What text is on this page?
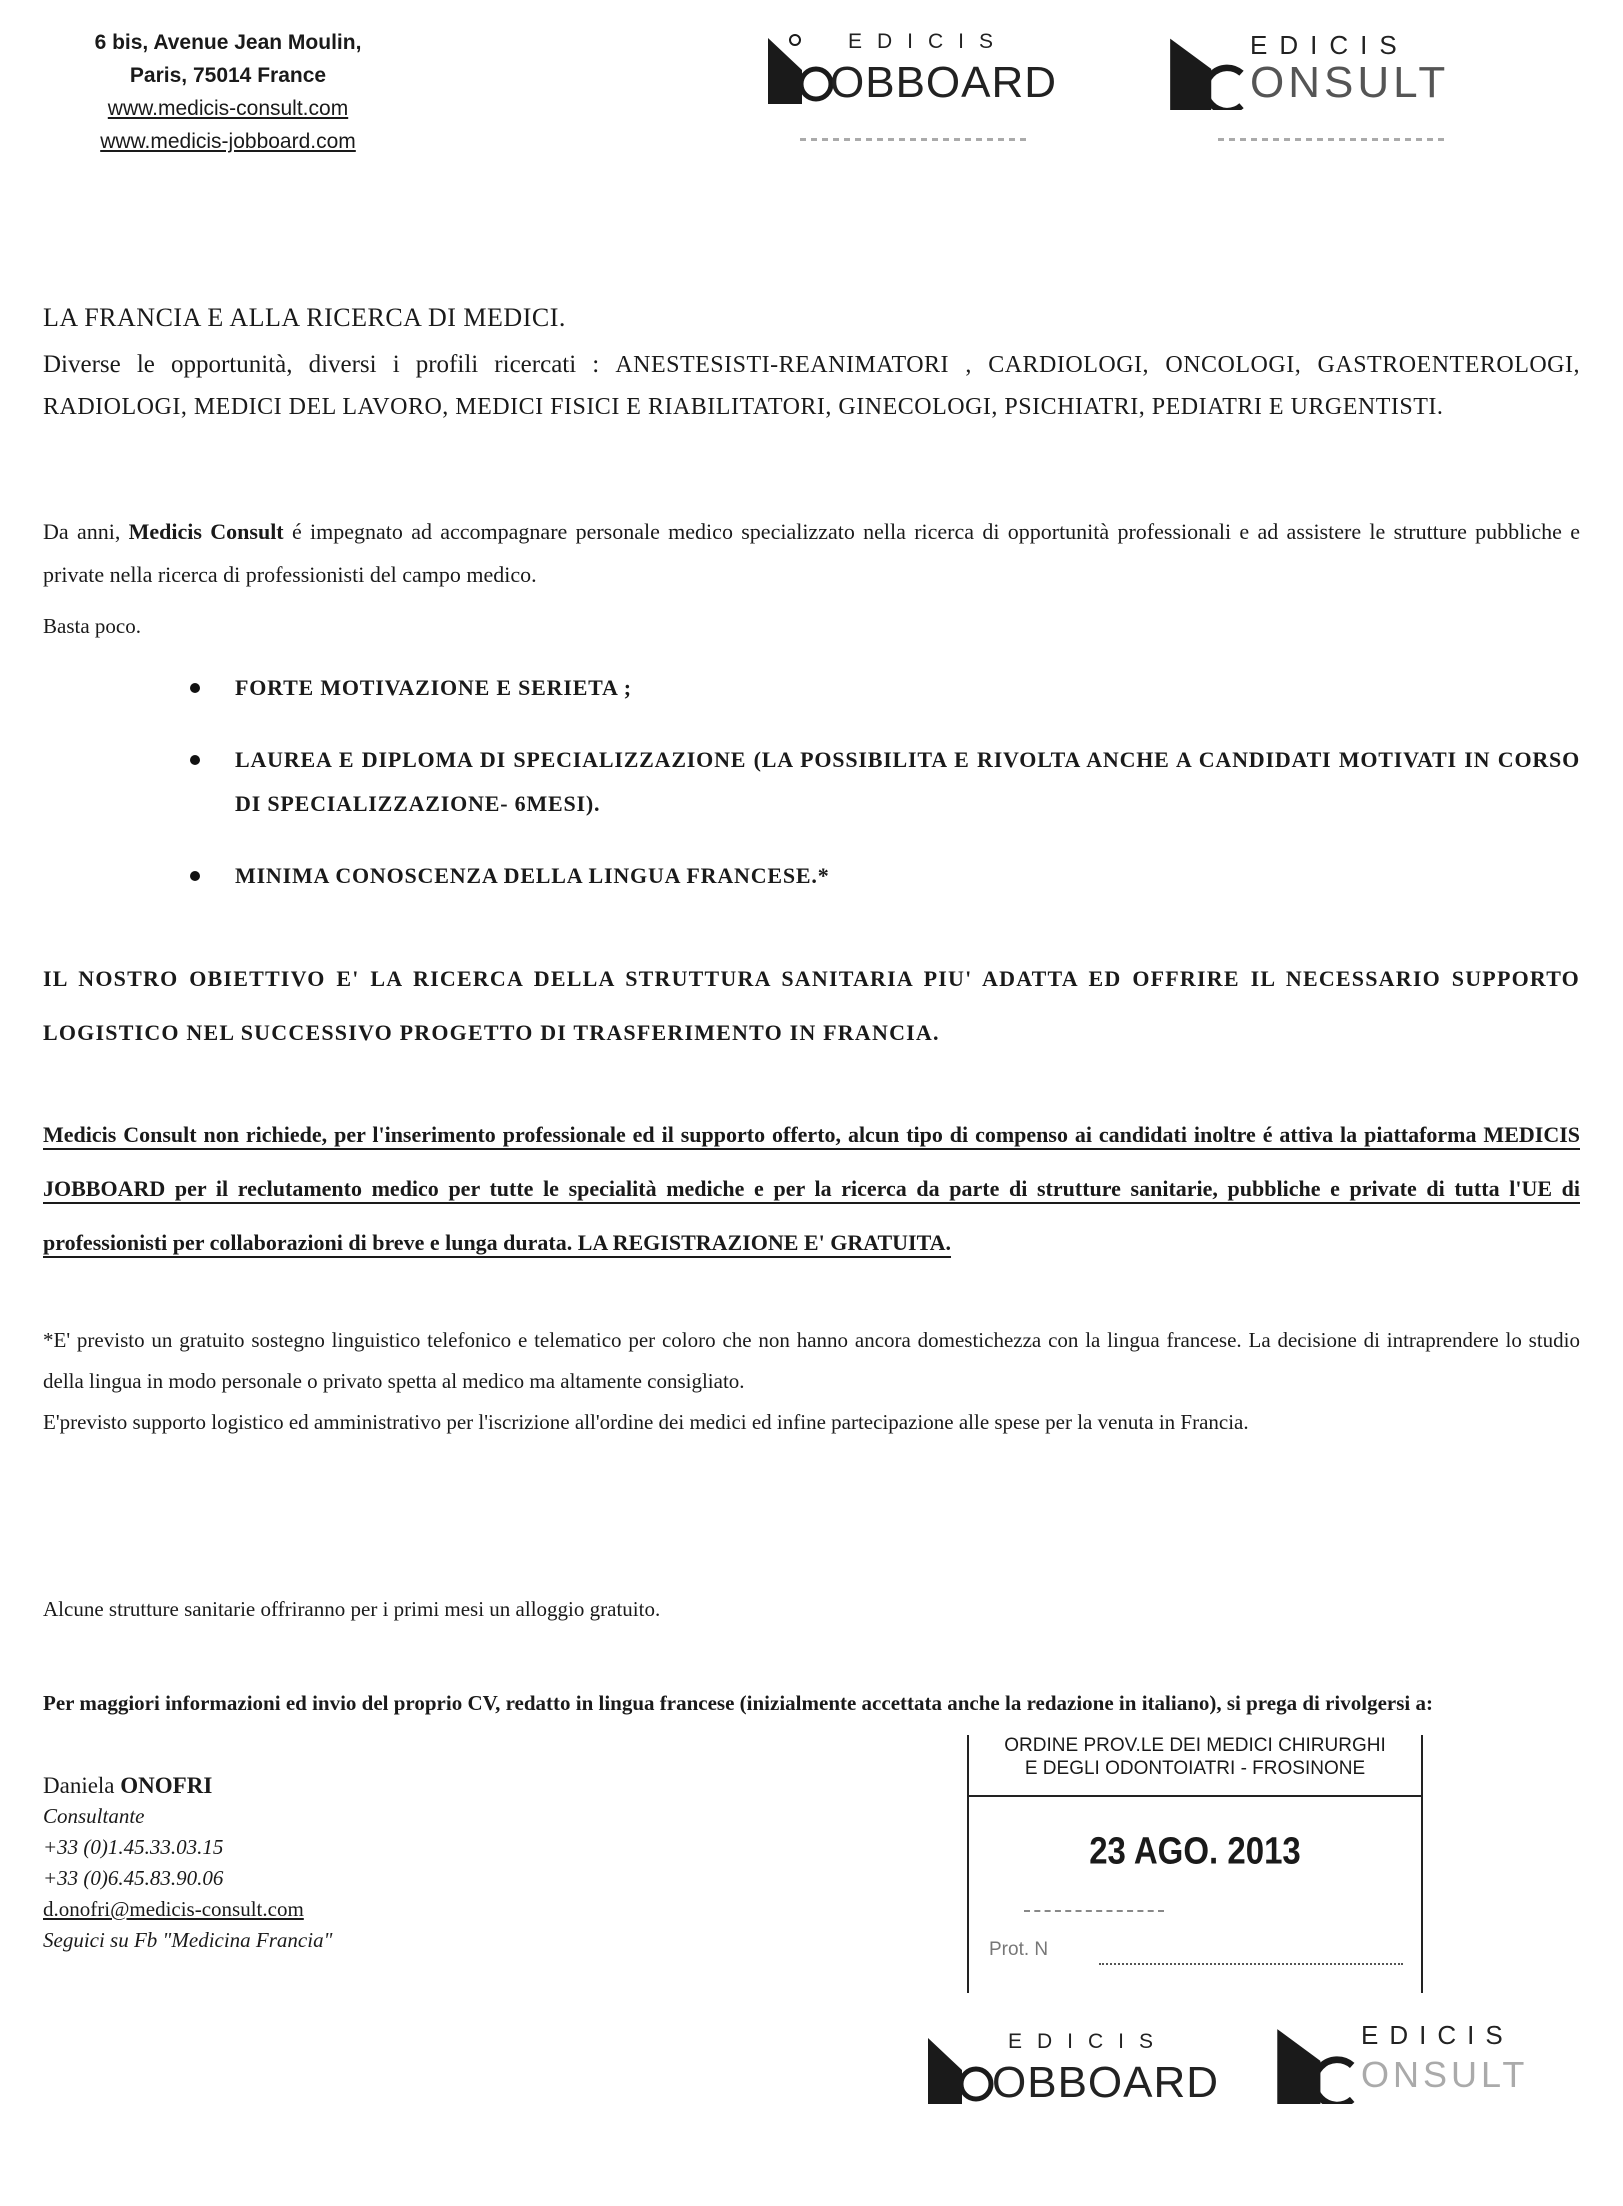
6 bis, Avenue Jean Moulin,
Paris, 75014 France
www.medicis-consult.com
www.medicis-jobboard.com
EDICIS
OBBOARD
EDICIS
ONSULT
LA FRANCIA E ALLA RICERCA DI MEDICI.
Diverse le opportunità, diversi i profili ricercati : ANESTESISTI-REANIMATORI , CARDIOLOGI, ONCOLOGI, GASTROENTEROLOGI, RADIOLOGI, MEDICI DEL LAVORO, MEDICI FISICI E RIABILITATORI, GINECOLOGI, PSICHIATRI, PEDIATRI E URGENTISTI.
Da anni, Medicis Consult é impegnato ad accompagnare personale medico specializzato nella ricerca di opportunità professionali e ad assistere le strutture pubbliche e private nella ricerca di professionisti del campo medico.
Basta poco.
FORTE MOTIVAZIONE E SERIETA ;
LAUREA E DIPLOMA DI SPECIALIZZAZIONE (LA POSSIBILITA E RIVOLTA ANCHE A CANDIDATI MOTIVATI IN CORSO DI SPECIALIZZAZIONE- 6MESI).
MINIMA CONOSCENZA DELLA LINGUA FRANCESE.*
IL NOSTRO OBIETTIVO E' LA RICERCA DELLA STRUTTURA SANITARIA PIU' ADATTA ED OFFRIRE IL NECESSARIO SUPPORTO LOGISTICO NEL SUCCESSIVO PROGETTO DI TRASFERIMENTO IN FRANCIA.
Medicis Consult non richiede, per l'inserimento professionale ed il supporto offerto, alcun tipo di compenso ai candidati inoltre é attiva la piattaforma MEDICIS JOBBOARD per il reclutamento medico per tutte le specialità mediche e per la ricerca da parte di strutture sanitarie, pubbliche e private di tutta l'UE di professionisti per collaborazioni di breve e lunga durata. LA REGISTRAZIONE E' GRATUITA.
*E' previsto un gratuito sostegno linguistico telefonico e telematico per coloro che non hanno ancora domestichezza con la lingua francese. La decisione di intraprendere lo studio della lingua in modo personale o privato spetta al medico ma altamente consigliato.
E'previsto supporto logistico ed amministrativo per l'iscrizione all'ordine dei medici ed infine partecipazione alle spese per la venuta in Francia.
Alcune strutture sanitarie offriranno per i primi mesi un alloggio gratuito.
Per maggiori informazioni ed invio del proprio CV, redatto in lingua francese (inizialmente accettata anche la redazione in italiano), si prega di rivolgersi a:
Daniela ONOFRI
Consultante
+33 (0)1.45.33.03.15
+33 (0)6.45.83.90.06
d.onofri@medicis-consult.com
Seguici su Fb "Medicina Francia"
ORDINE PROV.LE DEI MEDICI CHIRURGHI
E DEGLI ODONTOIATRI - FROSINONE
23 AGO. 2013
Prot. N
EDICIS
OBBOARD
EDICIS
ONSULT
